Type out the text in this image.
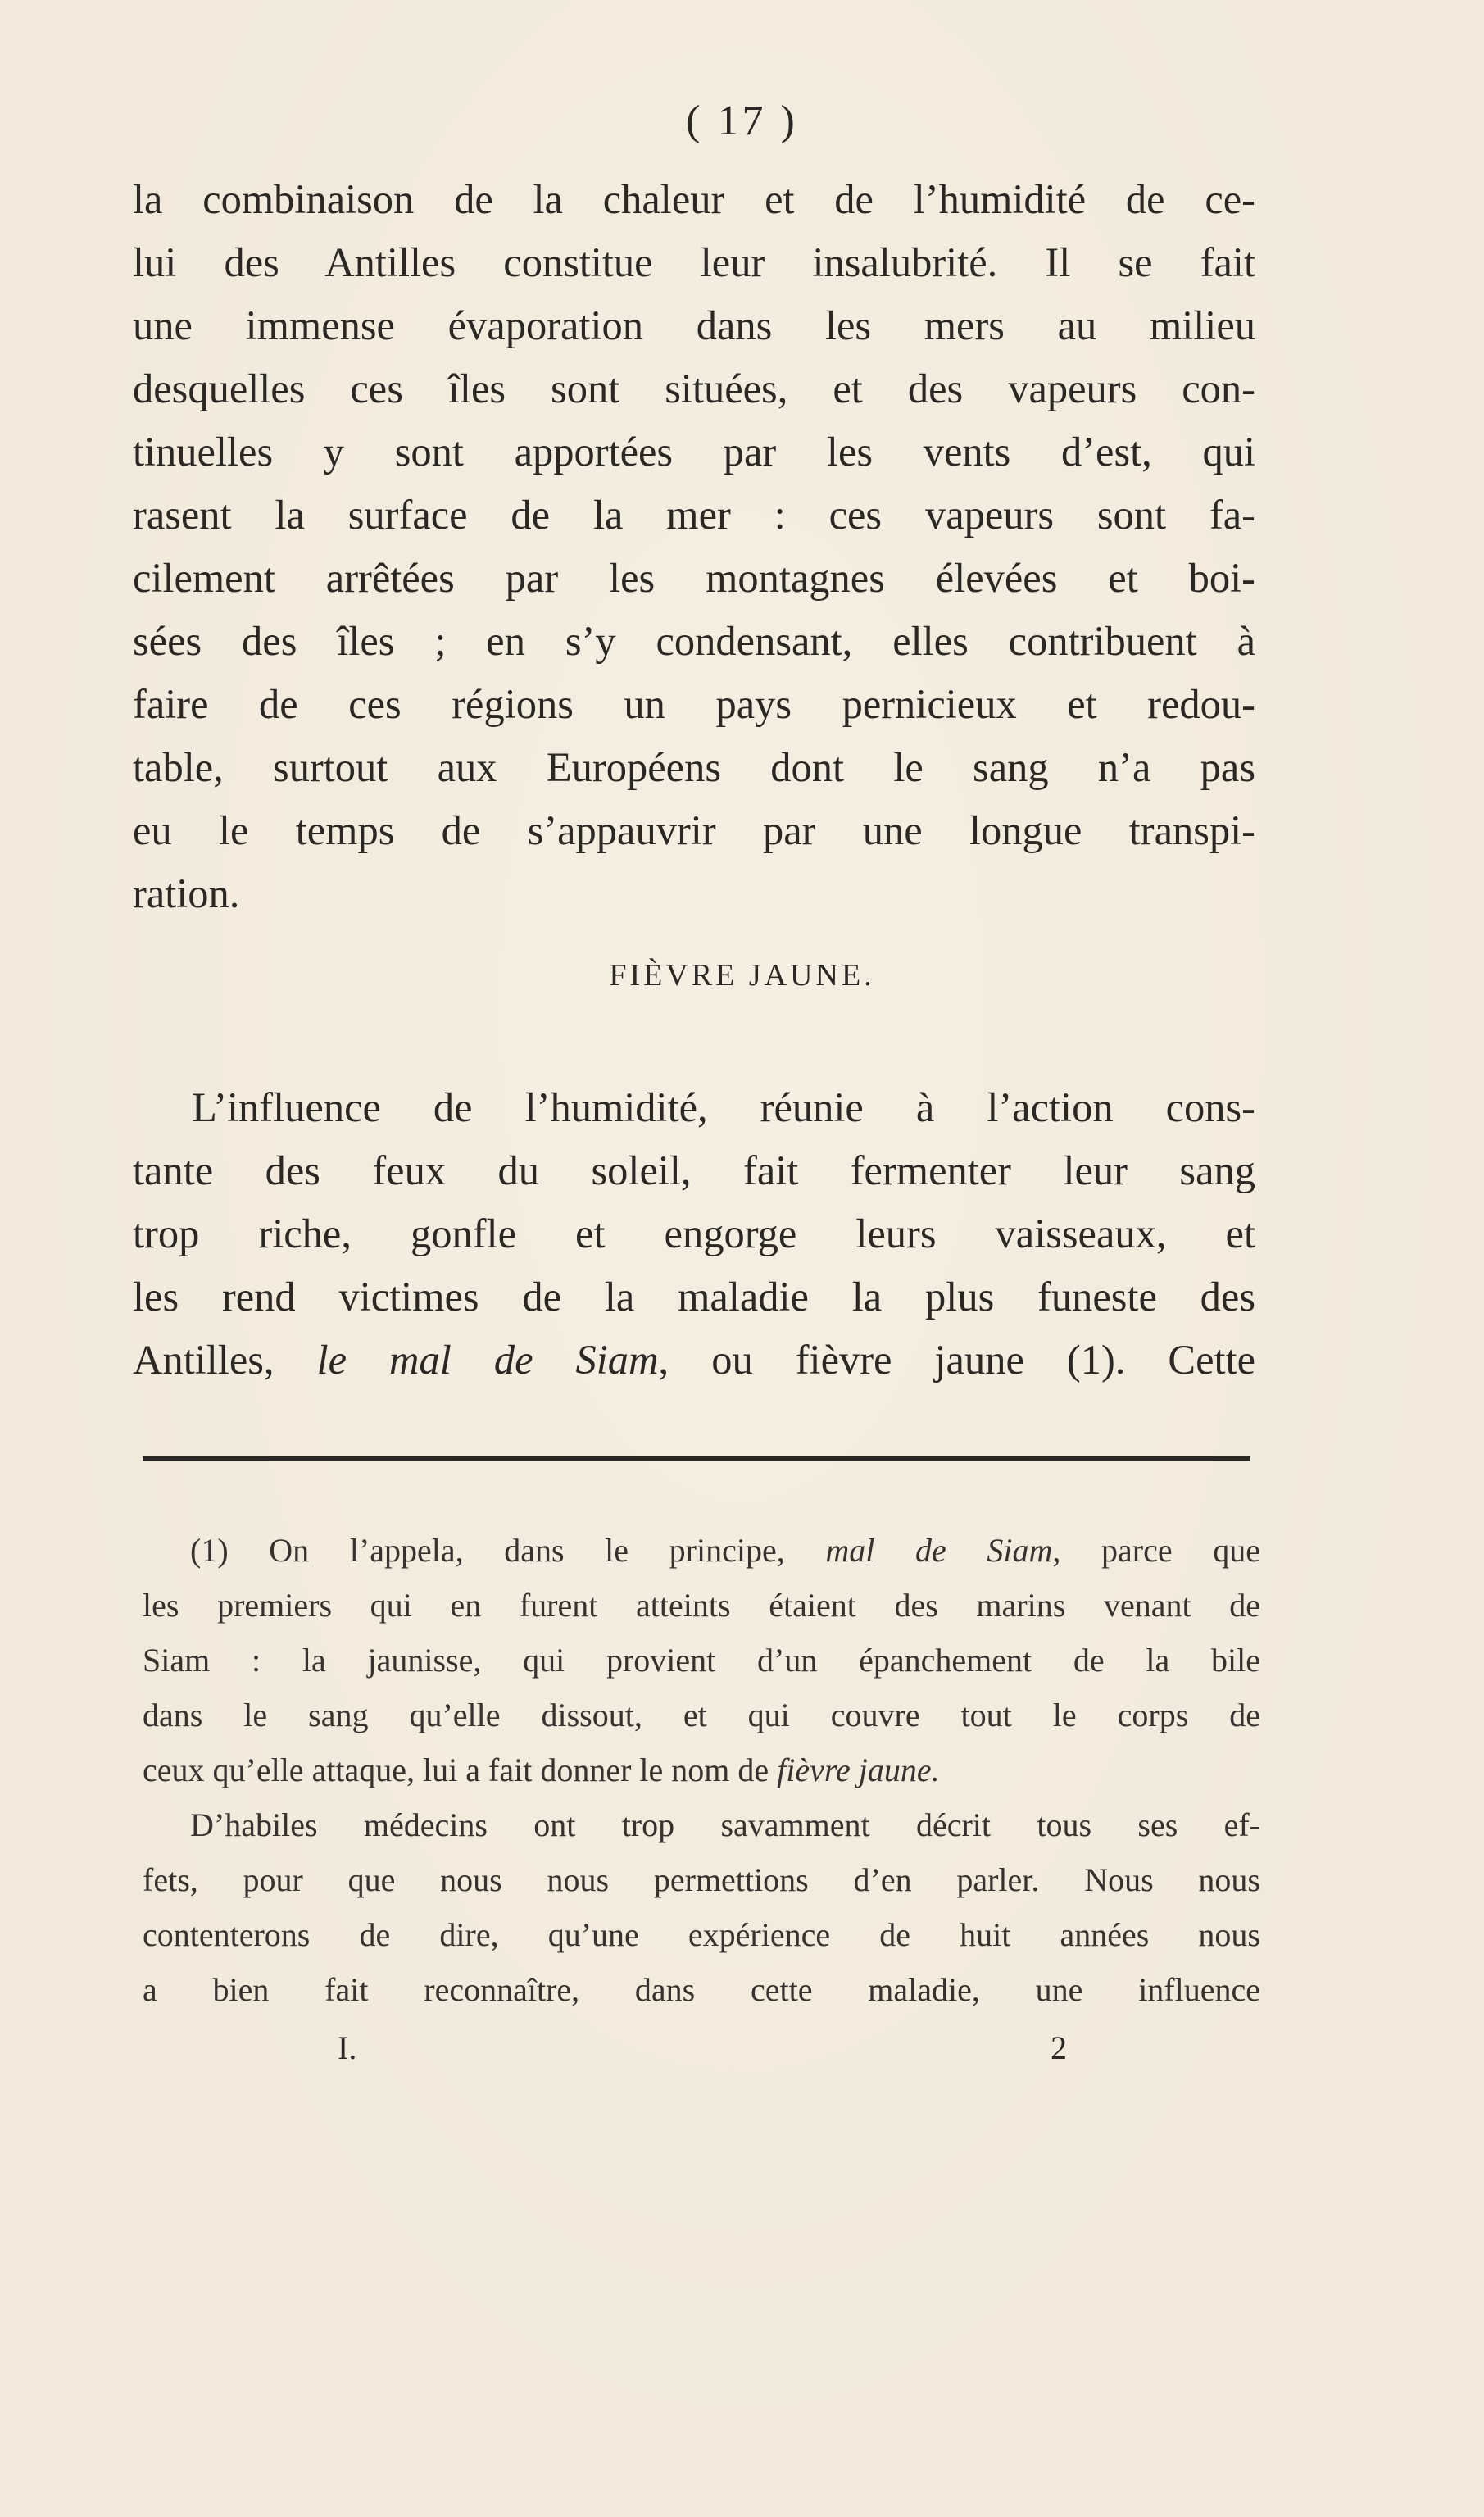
( 17 )
la combinaison de la chaleur et de l’humidité de ce-
lui des Antilles constitue leur insalubrité. Il se fait
une immense évaporation dans les mers au milieu
desquelles ces îles sont situées, et des vapeurs con-
tinuelles y sont apportées par les vents d’est, qui
rasent la surface de la mer : ces vapeurs sont fa-
cilement arrêtées par les montagnes élevées et boi-
sées des îles ; en s’y condensant, elles contribuent à
faire de ces régions un pays pernicieux et redou-
table, surtout aux Européens dont le sang n’a pas
eu le temps de s’appauvrir par une longue transpi-
ration.
FIÈVRE JAUNE.
L’influence de l’humidité, réunie à l’action cons-
tante des feux du soleil, fait fermenter leur sang
trop riche, gonfle et engorge leurs vaisseaux, et
les rend victimes de la maladie la plus funeste des
Antilles, le mal de Siam, ou fièvre jaune (1). Cette
(1) On l’appela, dans le principe, mal de Siam, parce que
les premiers qui en furent atteints étaient des marins venant de
Siam : la jaunisse, qui provient d’un épanchement de la bile
dans le sang qu’elle dissout, et qui couvre tout le corps de
ceux qu’elle attaque, lui a fait donner le nom de fièvre jaune.
D’habiles médecins ont trop savamment décrit tous ses ef-
fets, pour que nous nous permettions d’en parler. Nous nous
contenterons de dire, qu’une expérience de huit années nous
a bien fait reconnaître, dans cette maladie, une influence
I.	2
